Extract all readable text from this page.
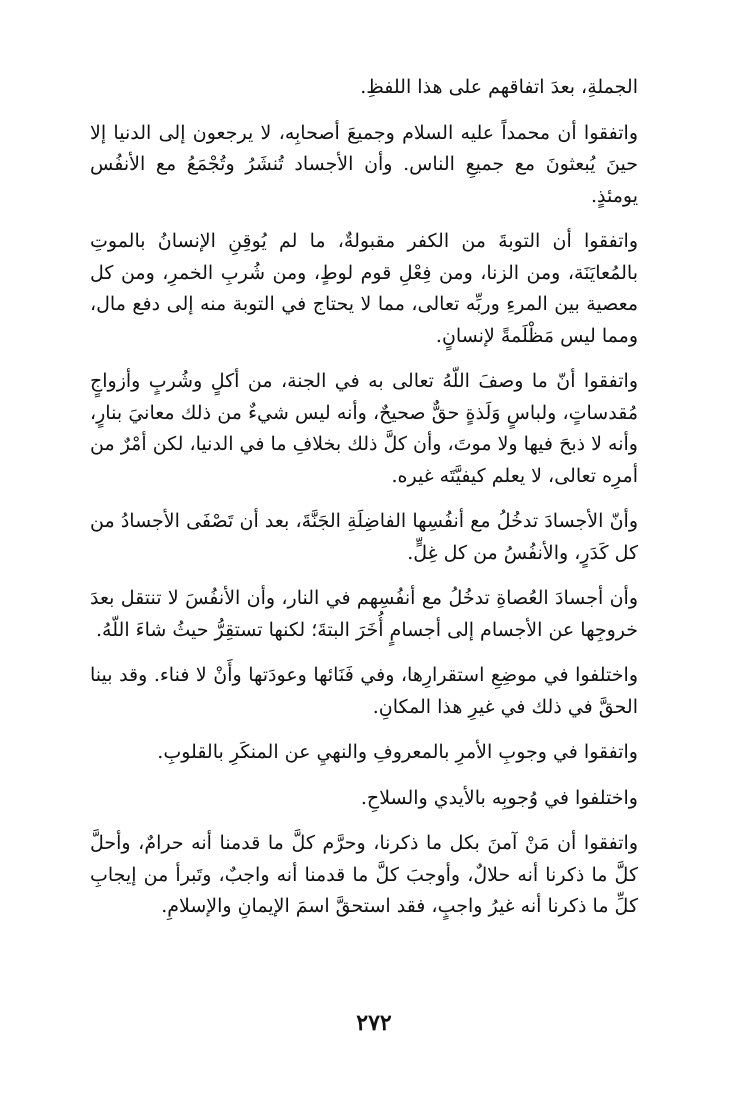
الجملةِ، بعدَ اتفاقهم على هذا اللفظِ.

واتفقوا أن محمداً عليه السلام وجميعَ أصحابِه، لا يرجعون إلى الدنيا إلا حينَ يُبعثونَ مع جميعِ الناس. وأن الأجساد تُنشَرُ وتُجْمَعُ مع الأنفُس يومئذٍ.

واتفقوا أن التوبةَ من الكفر مقبولةٌ، ما لم يُوقِنِ الإنسانُ بالموتِ بالمُعايَنَة، ومن الزنا، ومن فِعْلِ قوم لوطٍ، ومن شُربِ الخمرِ، ومن كل معصية بين المرءِ وربِّه تعالى، مما لا يحتاج في التوبة منه إلى دفع مال، ومما ليس مَظْلَمةً لإنسانٍ.

واتفقوا أنّ ما وصفَ اللّهُ تعالى به في الجنة، من أكلٍ وشُربٍ وأزواجٍ مُقدساتٍ، ولباسٍ وَلَذةٍ حقٌّ صحيحٌ، وأنه ليس شيءٌ من ذلك معانيَ بنارٍ، وأنه لا ذبحَ فيها ولا موتَ، وأن كلَّ ذلك بخلافِ ما في الدنيا، لكن أمْرٌ من أمرِه تعالى، لا يعلم كيفيَّتَه غيره.

وأنّ الأجسادَ تدخُلُ مع أنفُسِها الفاضِلَةِ الجَنَّةَ، بعد أن تَصْفَى الأجسادُ من كل كَدَرٍ، والأنفُسُ من كل غِلٍّ.

وأن أجسادَ العُصاةِ تدخُلُ مع أنفُسِهم في النار، وأن الأنفُسَ لا تنتقل بعدَ خروجِها عن الأجسام إلى أجسامٍ أُخَرَ البتةَ؛ لكنها تستقِرُّ حيثُ شاءَ اللّهُ.

واختلفوا في موضِعِ استقرارِها، وفي فَنَائها وعودَتها وأَنْ لا فناء. وقد بينا الحقَّ في ذلك في غيرِ هذا المكانِ.

واتفقوا في وجوبِ الأمرِ بالمعروفِ والنهيِ عن المنكَرِ بالقلوبِ.

واختلفوا في وُجوبِه بالأيدي والسلاحِ.

واتفقوا أن مَنْ آمنَ بكل ما ذكرنا، وحرَّم كلَّ ما قدمنا أنه حرامٌ، وأحلَّ كلَّ ما ذكرنا أنه حلالٌ، وأوجبَ كلَّ ما قدمنا أنه واجبٌ، وتَبرأ من إيجابِ كلِّ ما ذكرنا أنه غيرُ واجبٍ، فقد استحقَّ اسمَ الإيمانِ والإسلامِ.

٢٧٢
